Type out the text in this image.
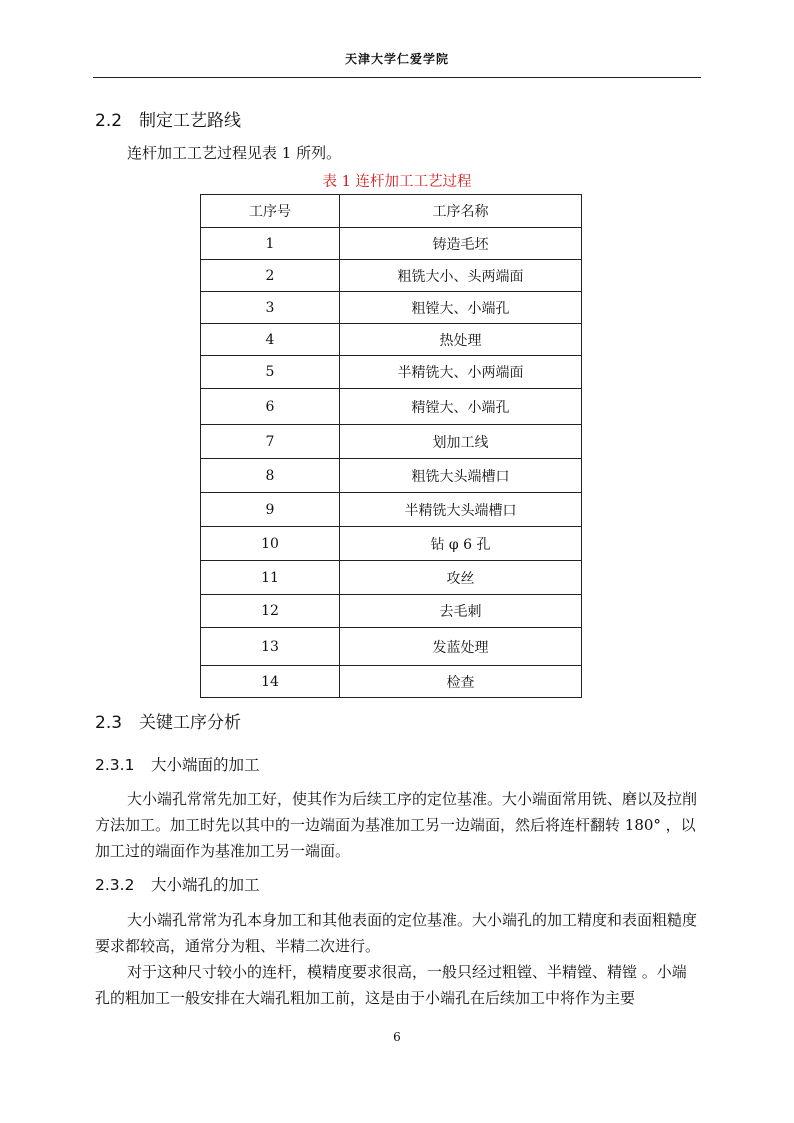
天津大学仁爱学院
2.2 制定工艺路线
连杆加工工艺过程见表 1 所列。
表 1 连杆加工工艺过程
工序号	工序名称
1	铸造毛坯
2	粗铣大小、头两端面
3	粗镗大、小端孔
4	热处理
5	半精铣大、小两端面
6	精镗大、小端孔
7	划加工线
8	粗铣大头端槽口
9	半精铣大头端槽口
10	钻 φ 6 孔
11	攻丝
12	去毛刺
13	发蓝处理
14	检查
2.3 关键工序分析
2.3.1 大小端面的加工
大小端孔常常先加工好，使其作为后续工序的定位基准。大小端面常用铣、磨以及拉削方法加工。加工时先以其中的一边端面为基准加工另一边端面，然后将连杆翻转 180° ，以加工过的端面作为基准加工另一端面。
2.3.2 大小端孔的加工
大小端孔常常为孔本身加工和其他表面的定位基准。大小端孔的加工精度和表面粗糙度要求都较高，通常分为粗、半精二次进行。
对于这种尺寸较小的连杆，模精度要求很高，一般只经过粗镗、半精镗、精镗 。小端孔的粗加工一般安排在大端孔粗加工前，这是由于小端孔在后续加工中将作为主要
6
